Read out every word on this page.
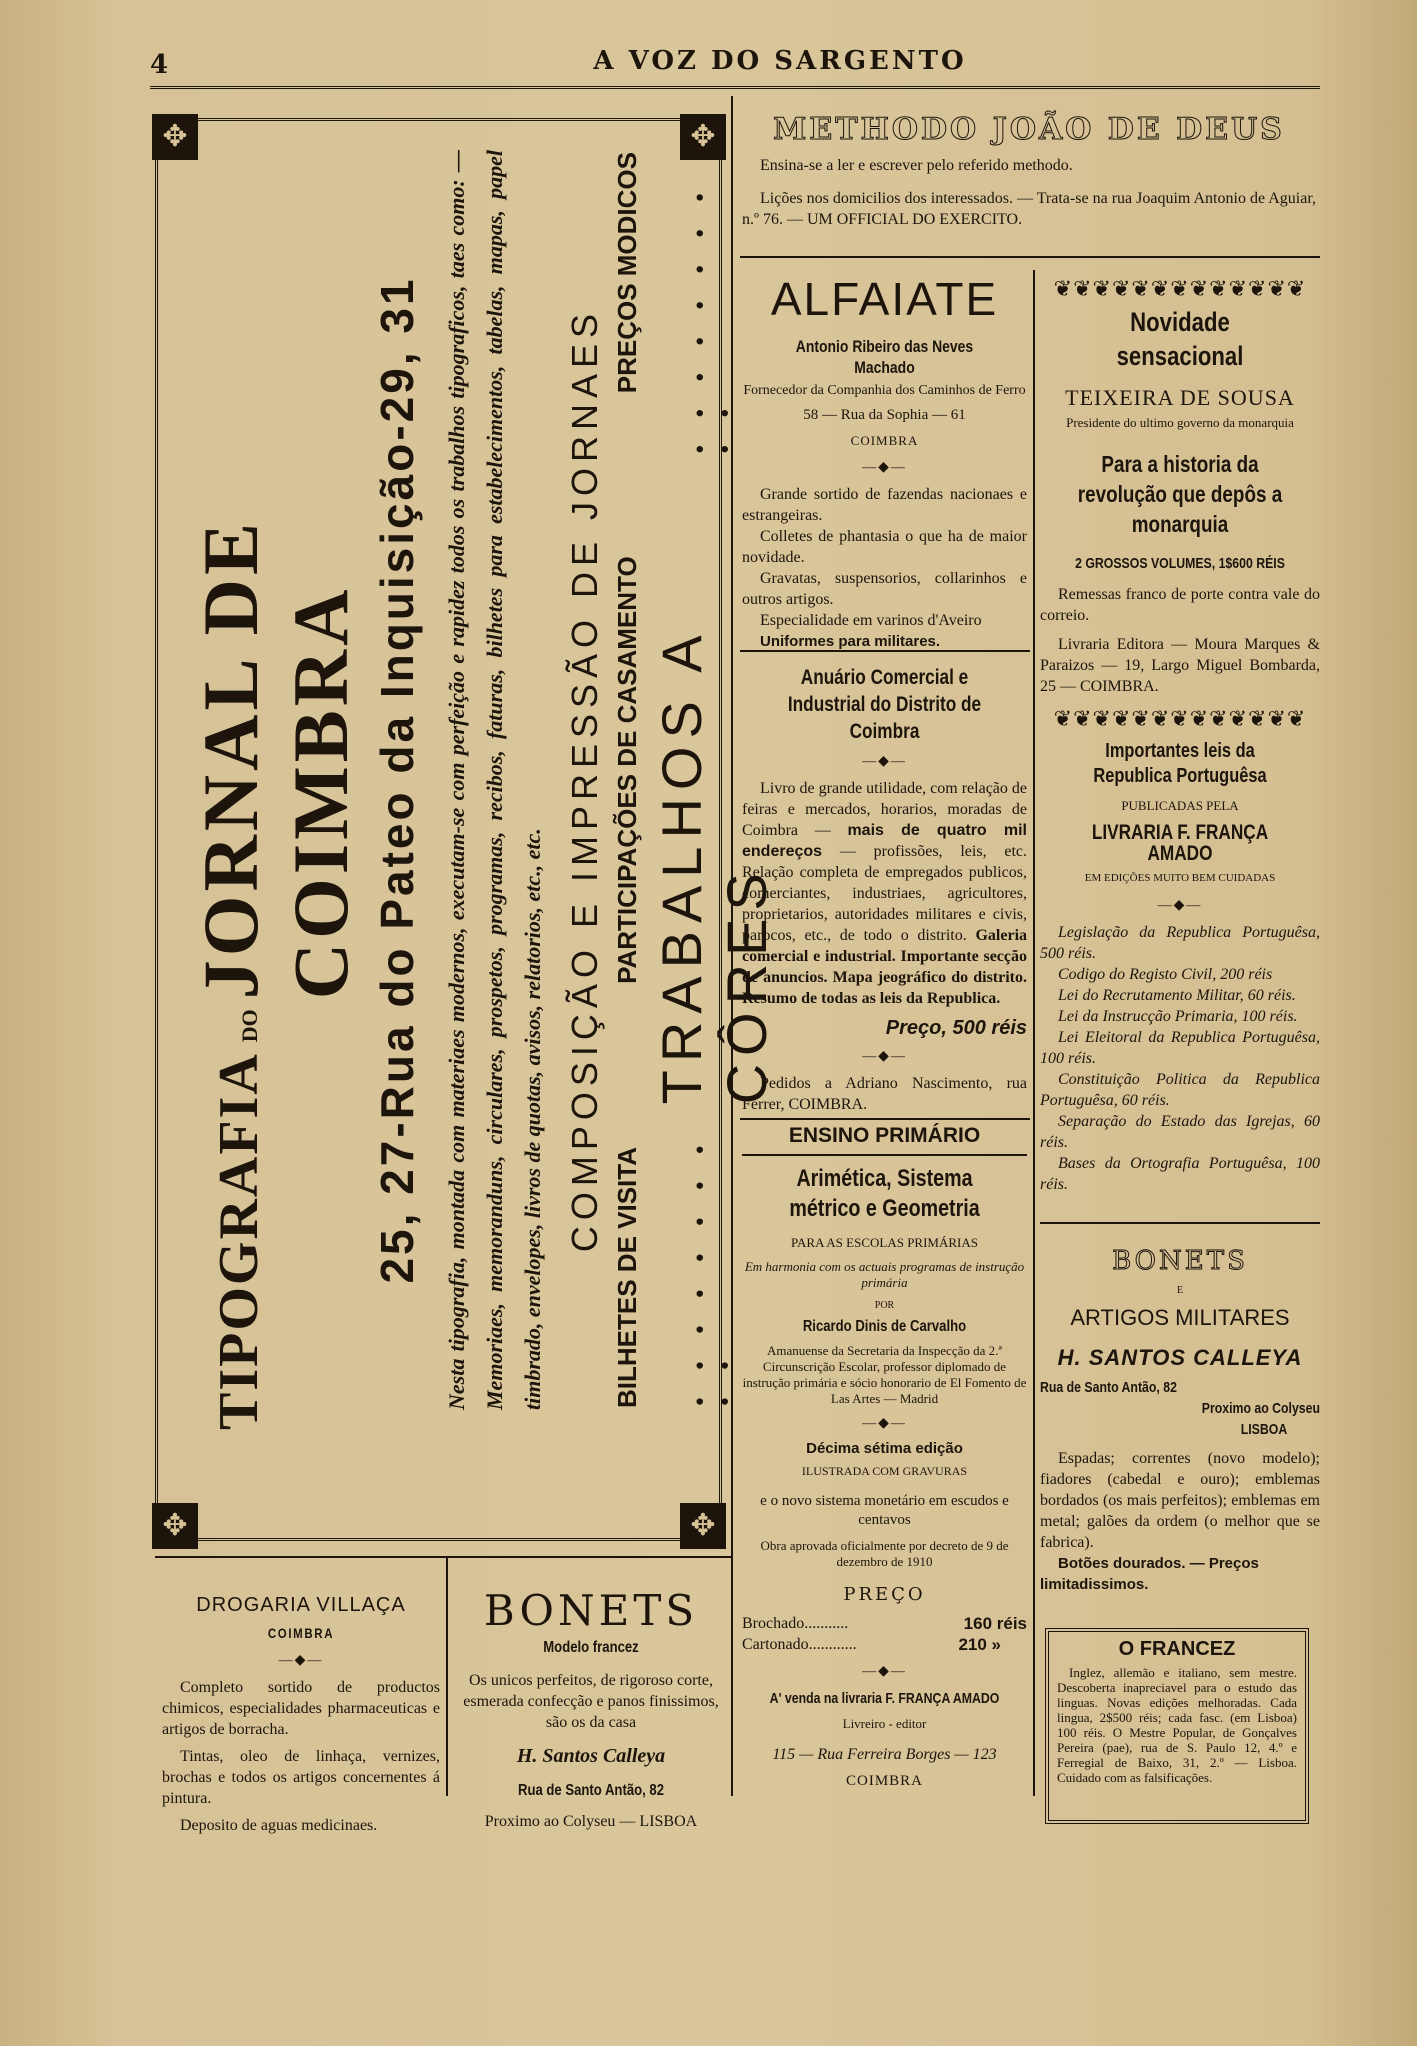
4	A VOZ DO SARGENTO
✥
✥
✥
✥
TIPOGRAFIA
DO
JORNAL DE COIMBRA 25, 27-Rua do Pateo da Inquisição-29, 31 Nesta tipografia, montada com materiaes modernos, executam-se com perfeição e rapidez todos os trabalhos tipograficos, taes como: — Memoriaes, memoranduns, circulares, prospetos, programas, recibos, faturas, bilhetes para estabelecimentos, tabelas, mapas, papel timbrado, envelopes, livros de quotas, avisos, relatorios, etc., etc. COMPOSIÇÃO E IMPRESSÃO DE JORNAES
BILHETES DE VISITA
PARTICIPAÇÕES DE CASAMENTO
PREÇOS MODICOS
• • • • • • • • • •
TRABALHOS A CÔRES
• • • • • • • • • •
METHODO JOÃO DE DEUS

Ensina-se a ler e escrever pelo referido methodo.

Lições nos domicilios dos interessados. — Trata-se na rua Joaquim Antonio de Aguiar, n.º 76. — UM OFFICIAL DO EXERCITO.

ALFAIATE
Antonio Ribeiro das Neves Machado
Fornecedor da Companhia dos Caminhos de Ferro
58 — Rua da Sophia — 61
COIMBRA
—◆—

Grande sortido de fazendas nacionaes e estrangeiras.

Colletes de phantasia o que ha de maior novidade.

Gravatas, suspensorios, collarinhos e outros artigos.

Especialidade em varinos d'Aveiro

Uniformes para militares.

Anuário Comercial e Industrial do Distrito de Coimbra
—◆—

Livro de grande utilidade, com relação de feiras e mercados, horarios, moradas de Coimbra — mais de quatro mil endereços — profissões, leis, etc. Relação completa de empregados publicos, comerciantes, industriaes, agricultores, proprietarios, autoridades militares e civis, parocos, etc., de todo o distrito. Galeria comercial e industrial. Importante secção de anuncios. Mapa jeográfico do distrito. Resumo de todas as leis da Republica.

Preço, 500 réis
—◆—

Pedidos a Adriano Nascimento, rua Ferrer, COIMBRA.

ENSINO PRIMÁRIO
Arimética, Sistema métrico e Geometria
PARA AS ESCOLAS PRIMÁRIAS
Em harmonia com os actuais programas de instrução primária
POR
Ricardo Dinis de Carvalho
Amanuense da Secretaria da Inspecção da 2.ª Circunscrição Escolar, professor diplomado de instrução primária e sócio honorario de El Fomento de Las Artes — Madrid
—◆—
Décima sétima edição
ILUSTRADA COM GRAVURAS
e o novo sistema monetário em escudos e centavos
Obra aprovada oficialmente por decreto de 9 de dezembro de 1910
PREÇO
Brochado...........	160 réis
Cartonado............	210 »
—◆—
A' venda na livraria F. FRANÇA AMADO
Livreiro - editor
115 — Rua Ferreira Borges — 123
COIMBRA
❦❦❦❦❦❦❦❦❦❦❦❦❦
Novidade sensacional
TEIXEIRA DE SOUSA
Presidente do ultimo governo da monarquia
Para a historia da revolução que depôs a monarquia
2 GROSSOS VOLUMES, 1$600 RÉIS

Remessas franco de porte contra vale do correio.

Livraria Editora — Moura Marques & Paraizos — 19, Largo Miguel Bombarda, 25 — COIMBRA.

❦❦❦❦❦❦❦❦❦❦❦❦❦
Importantes leis da Republica Portuguêsa
PUBLICADAS PELA
LIVRARIA F. FRANÇA AMADO
EM EDIÇÕES MUITO BEM CUIDADAS
—◆—

Legislação da Republica Portuguêsa, 500 réis.

Codigo do Registo Civil, 200 réis

Lei do Recrutamento Militar, 60 réis.

Lei da Instrucção Primaria, 100 réis.

Lei Eleitoral da Republica Portuguêsa, 100 réis.

Constituição Politica da Republica Portuguêsa, 60 réis.

Separação do Estado das Igrejas, 60 réis.

Bases da Ortografia Portuguêsa, 100 réis.

BONETS
E
ARTIGOS MILITARES
H. SANTOS CALLEYA
Rua de Santo Antão, 82
Proximo ao Colyseu
LISBOA

Espadas; correntes (novo modelo); fiadores (cabedal e ouro); emblemas bordados (os mais perfeitos); emblemas em metal; galões da ordem (o melhor que se fabrica).

Botões dourados. — Preços limitadissimos.

O FRANCEZ

Inglez, allemão e italiano, sem mestre. Descoberta inapreciavel para o estudo das linguas. Novas edições melhoradas. Cada lingua, 2$500 réis; cada fasc. (em Lisboa) 100 réis. O Mestre Popular, de Gonçalves Pereira (pae), rua de S. Paulo 12, 4.º e Ferregial de Baixo, 31, 2.º — Lisboa. Cuidado com as falsificações.

DROGARIA VILLAÇA
COIMBRA
—◆—

Completo sortido de productos chimicos, especialidades pharmaceuticas e artigos de borracha.

Tintas, oleo de linhaça, vernizes, brochas e todos os artigos concernentes á pintura.

Deposito de aguas medicinaes.

BONETS
Modelo francez

Os unicos perfeitos, de rigoroso corte, esmerada confecção e panos finissimos, são os da casa

H. Santos Calleya
Rua de Santo Antão, 82
Proximo ao Colyseu — LISBOA
